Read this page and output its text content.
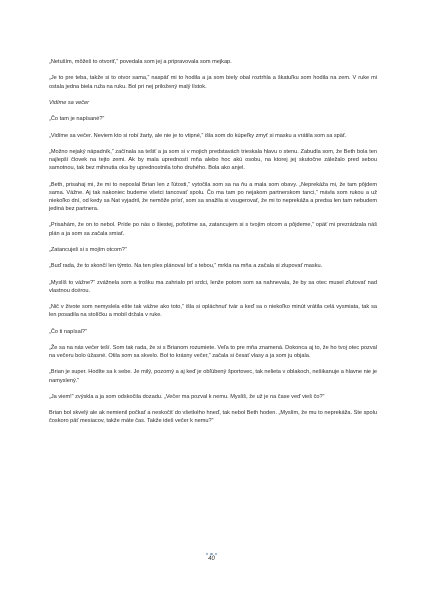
„Netuším, môžeš to otvoriť,“ povedala som jej a pripravovala som mejkap.

„Je to pre teba, takže si to otvor sama,“ naspäť mi to hodila a ja som biely obal roztrhla a škatuľku som hodila na zem. V ruke mi ostala jedna biela ruža na ruku. Bol pri nej priložený malý lístok.

Vidíme sa večer

„Čo tam je napísané?“

„Vidíme sa večer. Neviem kto si robí žarty, ale nie je to vtipné,“ išla som do kúpeľky zmyť si masku a vrátila som sa späť.

„Možno nejaký nápadník,“ začínala sa tešiť a ja som si v mojich predstavách trieskala hlavu o stenu. Zabudla som, že Beth bola ten najlepší človek na tejto zemi. Ak by mala upredností mňa alebo hoc akú osobu, na ktorej jej skutočne záležalo pred sebou samotnou, tak bez mihnutia oka by uprednostnila toho druhého. Bola ako anjel.

„Beth, prisahaj mi, že mi to neposlal Brian len z ľútosti,“ vytočila som sa na ňu a mala som obavy. „Neprekáža mi, že tam pôjdem sama. Vážne. Aj tak nakoniec budeme všetci tancovať spolu. Čo ma tam po nejakom partnerskom tanci,“ mávla som rukou a už niekoľko dní, od kedy sa Nat vyjadril, že nemôže prísť, som sa snažila si vsugerovať, že mi to neprekáža a predsa len tam nebudem jediná bez partnera.

„Prisahám, že on to nebol. Príde po nás o šiestej, pofotíme sa, zatancujem si s tvojím otcom a pôjdeme,“ opäť mi prezrádzala náš plán a ja som sa začala smiať.

„Zatancuješ si s mojím otcom?“

„Buď rada, že to skončí len týmto. Na ten ples plánoval ísť s tebou,“ mrkla na mňa a začala si zlupovať masku.

„Myslíš to vážne?“ zvážnela som a trošku ma zahrialo pri srdci, lenže potom som sa nahnevala, že by sa otec musel zľutovať nad vlastnou dcérou.

„Nič v živote som nemyslela ešte tak vážne ako toto,“ išla si opláchnuť tvár a keď sa o niekoľko minút vrátila celá vysmiata, tak sa len posadila na stolíčku a mobil držala v ruke.

„Čo ti napísal?“

„Že sa na nás večer teší. Som tak rada, že si s Brianom rozumiete. Veľa to pre mňa znamená. Dokonca aj to, že ho tvoj otec pozval na večeru bolo úžasné. Otila som sa skvelo. Bol to krásny večer,“ začala si česať vlasy a ja som ju objala.

„Brian je super. Hodíte sa k sebe. Je milý, pozorný a aj keď je obľúbený športovec, tak nelieta v oblakoch, nešikanuje a hlavne nie je namyslený.“

„Ja viem!“ zvýskla a ja som odskočila dozadu. „Večer ma pozval k nemu. Myslíš, že už je na čase veď vieš čo?“

Brian bol skvelý ale ak nemienil počkať a neskočiť do všetkého hneď, tak nebol Beth hoden. „Myslím, že mu to neprekáža. Ste spolu čoskoro päť mesiacov, takže máte čas. Takže ideš večer k nemu?“

40
